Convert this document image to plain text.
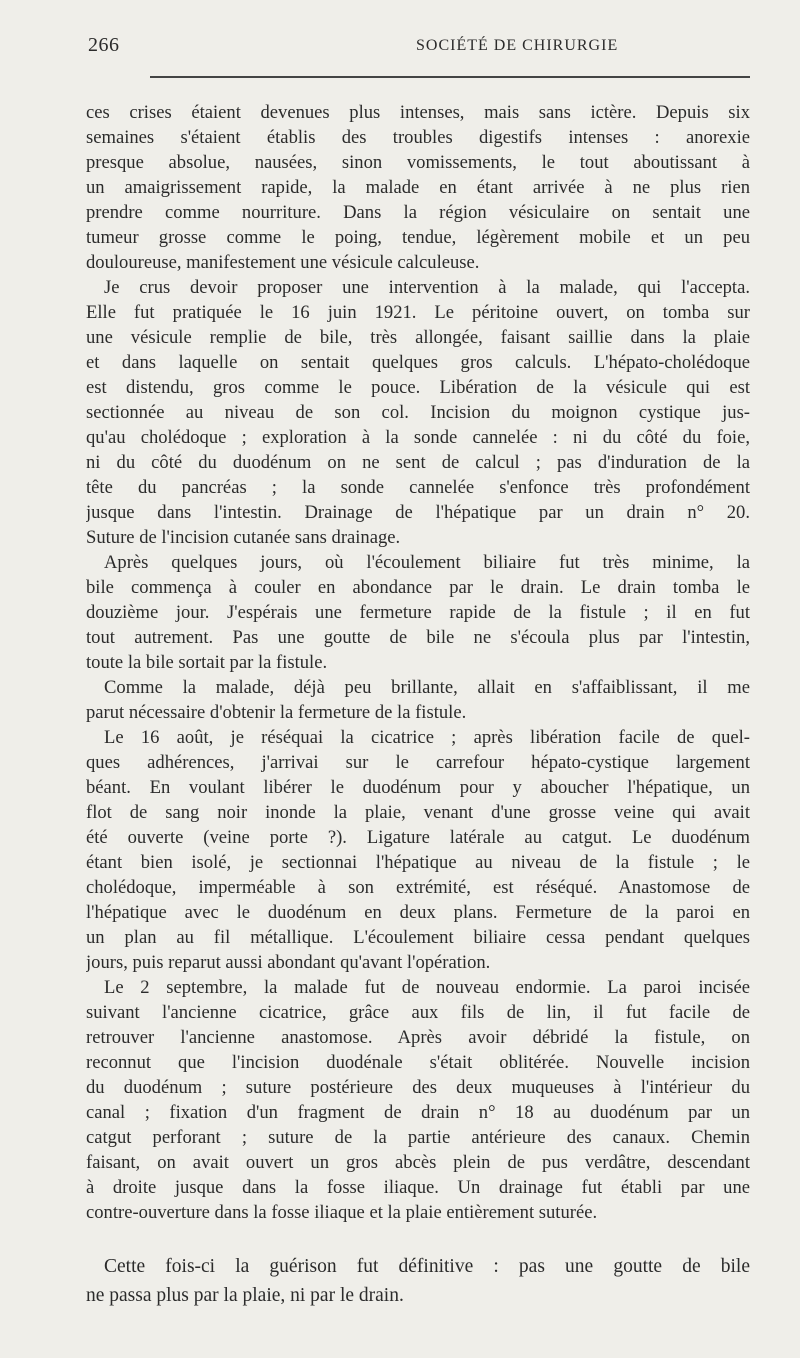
266	SOCIÉTÉ DE CHIRURGIE
ces crises étaient devenues plus intenses, mais sans ictère. Depuis six
semaines s'étaient établis des troubles digestifs intenses : anorexie
presque absolue, nausées, sinon vomissements, le tout aboutissant à
un amaigrissement rapide, la malade en étant arrivée à ne plus rien
prendre comme nourriture. Dans la région vésiculaire on sentait une
tumeur grosse comme le poing, tendue, légèrement mobile et un peu
douloureuse, manifestement une vésicule calculeuse.
Je crus devoir proposer une intervention à la malade, qui l'accepta.
Elle fut pratiquée le 16 juin 1921. Le péritoine ouvert, on tomba sur
une vésicule remplie de bile, très allongée, faisant saillie dans la plaie
et dans laquelle on sentait quelques gros calculs. L'hépato-cholédoque
est distendu, gros comme le pouce. Libération de la vésicule qui est
sectionnée au niveau de son col. Incision du moignon cystique jus-
qu'au cholédoque ; exploration à la sonde cannelée : ni du côté du foie,
ni du côté du duodénum on ne sent de calcul ; pas d'induration de la
tête du pancréas ; la sonde cannelée s'enfonce très profondément
jusque dans l'intestin. Drainage de l'hépatique par un drain n° 20.
Suture de l'incision cutanée sans drainage.
Après quelques jours, où l'écoulement biliaire fut très minime, la
bile commença à couler en abondance par le drain. Le drain tomba le
douzième jour. J'espérais une fermeture rapide de la fistule ; il en fut
tout autrement. Pas une goutte de bile ne s'écoula plus par l'intestin,
toute la bile sortait par la fistule.
Comme la malade, déjà peu brillante, allait en s'affaiblissant, il me
parut nécessaire d'obtenir la fermeture de la fistule.
Le 16 août, je réséquai la cicatrice ; après libération facile de quel-
ques adhérences, j'arrivai sur le carrefour hépato-cystique largement
béant. En voulant libérer le duodénum pour y aboucher l'hépatique, un
flot de sang noir inonde la plaie, venant d'une grosse veine qui avait
été ouverte (veine porte ?). Ligature latérale au catgut. Le duodénum
étant bien isolé, je sectionnai l'hépatique au niveau de la fistule ; le
cholédoque, imperméable à son extrémité, est réséqué. Anastomose de
l'hépatique avec le duodénum en deux plans. Fermeture de la paroi en
un plan au fil métallique. L'écoulement biliaire cessa pendant quelques
jours, puis reparut aussi abondant qu'avant l'opération.
Le 2 septembre, la malade fut de nouveau endormie. La paroi incisée
suivant l'ancienne cicatrice, grâce aux fils de lin, il fut facile de
retrouver l'ancienne anastomose. Après avoir débridé la fistule, on
reconnut que l'incision duodénale s'était oblitérée. Nouvelle incision
du duodénum ; suture postérieure des deux muqueuses à l'intérieur du
canal ; fixation d'un fragment de drain n° 18 au duodénum par un
catgut perforant ; suture de la partie antérieure des canaux. Chemin
faisant, on avait ouvert un gros abcès plein de pus verdâtre, descendant
à droite jusque dans la fosse iliaque. Un drainage fut établi par une
contre-ouverture dans la fosse iliaque et la plaie entièrement suturée.
Cette fois-ci la guérison fut définitive : pas une goutte de bile
ne passa plus par la plaie, ni par le drain.
